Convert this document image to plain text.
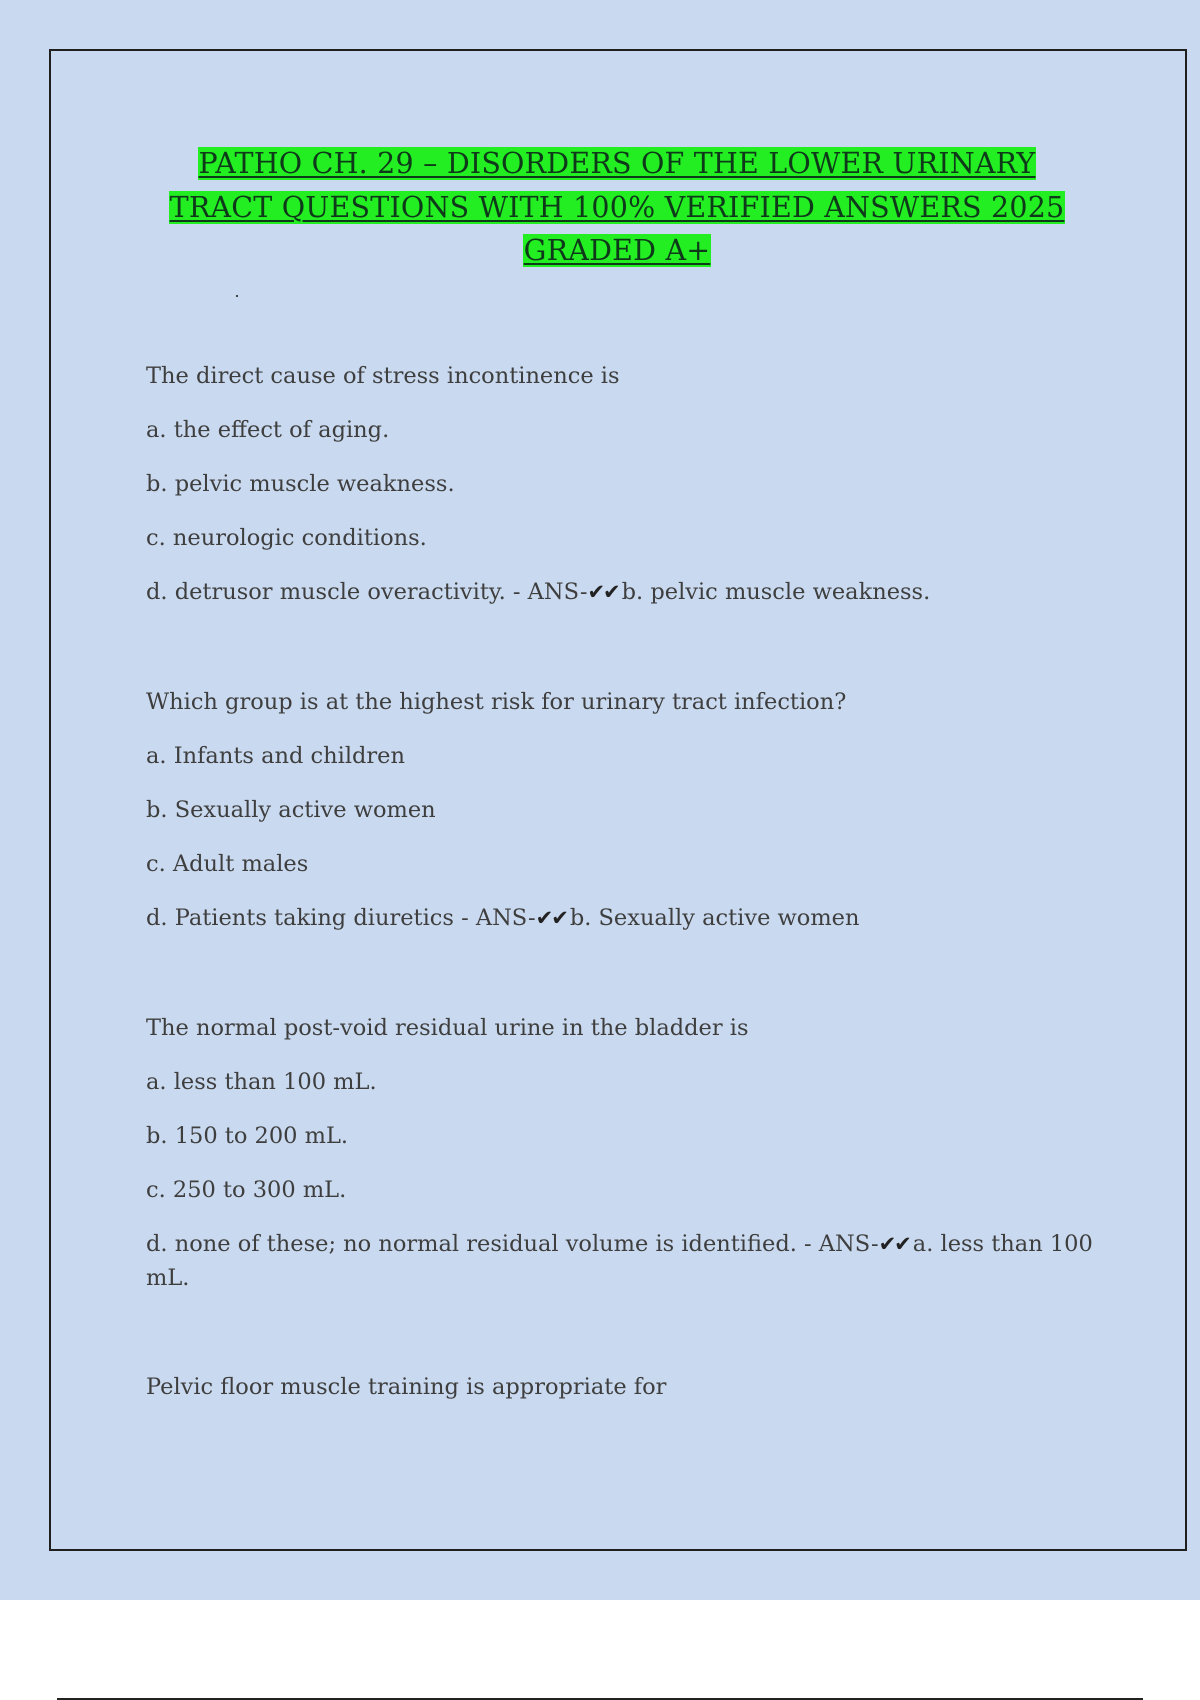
PATHO CH. 29 – DISORDERS OF THE LOWER URINARY
TRACT QUESTIONS WITH 100% VERIFIED ANSWERS 2025
GRADED A+

The direct cause of stress incontinence is

a. the effect of aging.

b. pelvic muscle weakness.

c. neurologic conditions.

d. detrusor muscle overactivity. - ANS-✔✔ b. pelvic muscle weakness.

Which group is at the highest risk for urinary tract infection?

a. Infants and children

b. Sexually active women

c. Adult males

d. Patients taking diuretics - ANS-✔✔ b. Sexually active women

The normal post-void residual urine in the bladder is

a. less than 100 mL.

b. 150 to 200 mL.

c. 250 to 300 mL.

d. none of these; no normal residual volume is identified. - ANS-✔✔ a. less than 100 mL.

Pelvic floor muscle training is appropriate for
